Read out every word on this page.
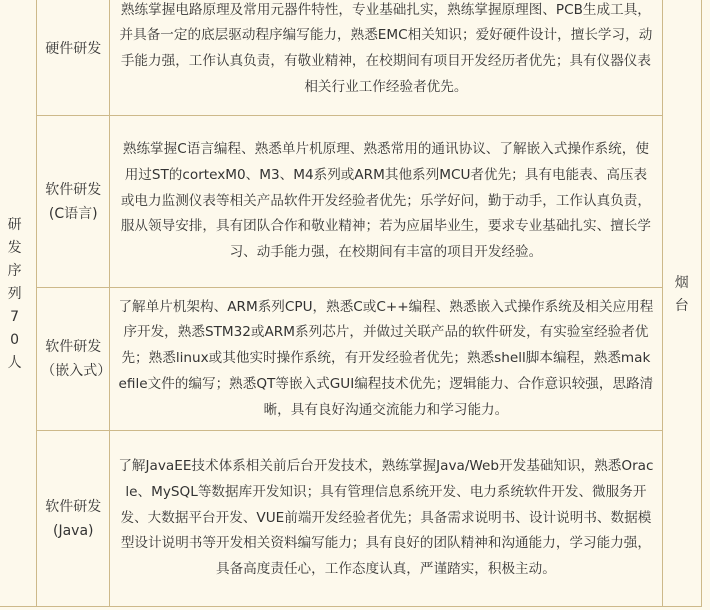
研发序列70人	硬件研发	熟练掌握电路原理及常用元器件特性，专业基础扎实，熟练掌握原理图、PCB生成工具，并具备一定的底层驱动程序编写能力，熟悉EMC相关知识；爱好硬件设计，擅长学习，动手能力强，工作认真负责，有敬业精神，在校期间有项目开发经历者优先；具有仪器仪表相关行业工作经验者优先。	烟台
	软件研发(C语言)	熟练掌握C语言编程、熟悉单片机原理、熟悉常用的通讯协议、了解嵌入式操作系统，使用过ST的cortexM0、M3、M4系列或ARM其他系列MCU者优先；具有电能表、高压表或电力监测仪表等相关产品软件开发经验者优先；乐学好问，勤于动手，工作认真负责，服从领导安排，具有团队合作和敬业精神；若为应届毕业生，要求专业基础扎实、擅长学习、动手能力强，在校期间有丰富的项目开发经验。	
	软件研发（嵌入式）	了解单片机架构、ARM系列CPU，熟悉C或C++编程、熟悉嵌入式操作系统及相关应用程序开发，熟悉STM32或ARM系列芯片，并做过关联产品的软件研发，有实验室经验者优先；熟悉linux或其他实时操作系统，有开发经验者优先；熟悉shell脚本编程，熟悉makefile文件的编写；熟悉QT等嵌入式GUI编程技术优先；逻辑能力、合作意识较强，思路清晰，具有良好沟通交流能力和学习能力。	
	软件研发(Java)	了解JavaEE技术体系相关前后台开发技术，熟练掌握Java/Web开发基础知识，熟悉Oracle、MySQL等数据库开发知识；具有管理信息系统开发、电力系统软件开发、微服务开发、大数据平台开发、VUE前端开发经验者优先；具备需求说明书、设计说明书、数据模型设计说明书等开发相关资料编写能力；具有良好的团队精神和沟通能力，学习能力强，具备高度责任心，工作态度认真，严谨踏实，积极主动。	
